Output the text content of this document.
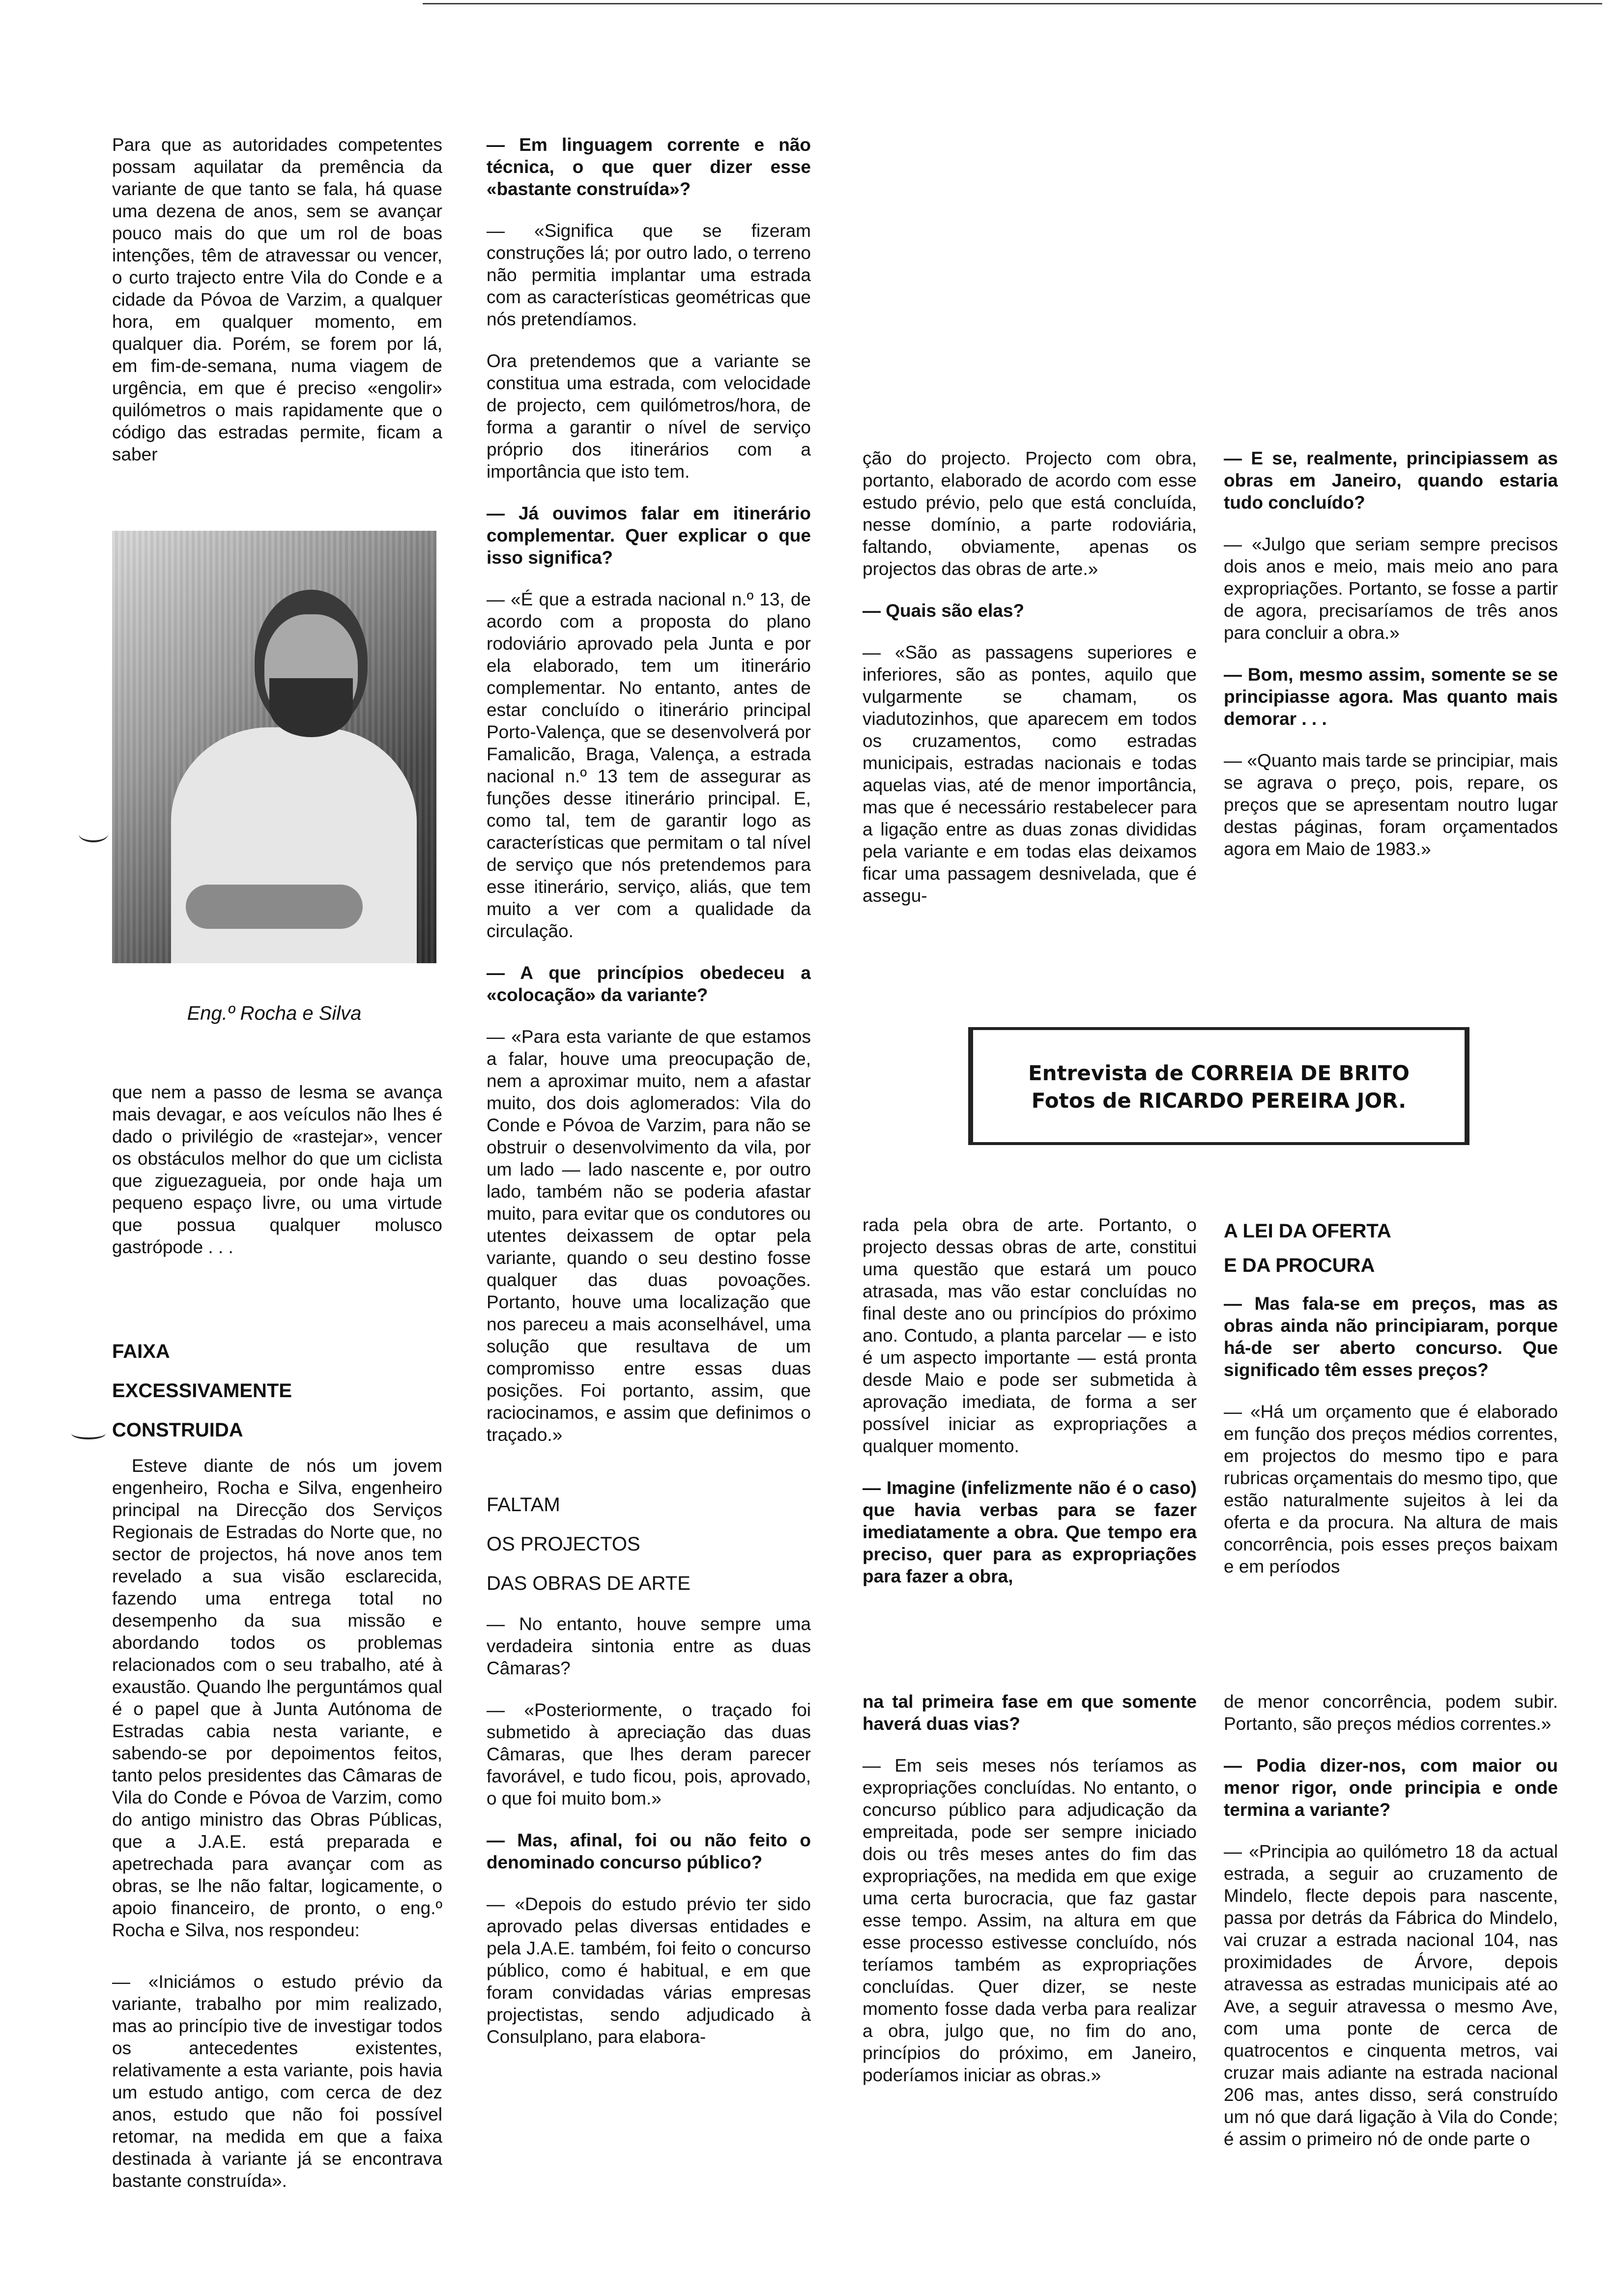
Para que as autoridades competentes possam aquilatar da premência da variante de que tanto se fala, há quase uma dezena de anos, sem se avançar pouco mais do que um rol de boas intenções, têm de atravessar ou vencer, o curto trajecto entre Vila do Conde e a cidade da Póvoa de Varzim, a qualquer hora, em qualquer momento, em qualquer dia. Porém, se forem por lá, em fim-de-semana, numa viagem de urgência, em que é preciso «engolir» quilómetros o mais rapidamente que o código das estradas permite, ficam a saber

Eng.º Rocha e Silva

que nem a passo de lesma se avança mais devagar, e aos veículos não lhes é dado o privilégio de «rastejar», vencer os obstáculos melhor do que um ciclista que ziguezagueia, por onde haja um pequeno espaço livre, ou uma virtude que possua qualquer molusco gastrópode . . .

FAIXA
EXCESSIVAMENTE
CONSTRUIDA

Esteve diante de nós um jovem engenheiro, Rocha e Silva, engenheiro principal na Direcção dos Serviços Regionais de Estradas do Norte que, no sector de projectos, há nove anos tem revelado a sua visão esclarecida, fazendo uma entrega total no desempenho da sua missão e abordando todos os problemas relacionados com o seu trabalho, até à exaustão. Quando lhe perguntámos qual é o papel que à Junta Autónoma de Estradas cabia nesta variante, e sabendo-se por depoimentos feitos, tanto pelos presidentes das Câmaras de Vila do Conde e Póvoa de Varzim, como do antigo ministro das Obras Públicas, que a J.A.E. está preparada e apetrechada para avançar com as obras, se lhe não faltar, logicamente, o apoio financeiro, de pronto, o eng.º Rocha e Silva, nos respondeu:

— «Iniciámos o estudo prévio da variante, trabalho por mim realizado, mas ao princípio tive de investigar todos os antecedentes existentes, relativamente a esta variante, pois havia um estudo antigo, com cerca de dez anos, estudo que não foi possível retomar, na medida em que a faixa destinada à variante já se encontrava bastante construída».

— Em linguagem corrente e não técnica, o que quer dizer esse «bastante construída»?

— «Significa que se fizeram construções lá; por outro lado, o terreno não permitia implantar uma estrada com as características geométricas que nós pretendíamos.

Ora pretendemos que a variante se constitua uma estrada, com velocidade de projecto, cem quilómetros/hora, de forma a garantir o nível de serviço próprio dos itinerários com a importância que isto tem.

— Já ouvimos falar em itinerário complementar. Quer explicar o que isso significa?

— «É que a estrada nacional n.º 13, de acordo com a proposta do plano rodoviário aprovado pela Junta e por ela elaborado, tem um itinerário complementar. No entanto, antes de estar concluído o itinerário principal Porto-Valença, que se desenvolverá por Famalicão, Braga, Valença, a estrada nacional n.º 13 tem de assegurar as funções desse itinerário principal. E, como tal, tem de garantir logo as características que permitam o tal nível de serviço que nós pretendemos para esse itinerário, serviço, aliás, que tem muito a ver com a qualidade da circulação.

— A que princípios obedeceu a «colocação» da variante?

— «Para esta variante de que estamos a falar, houve uma preocupação de, nem a aproximar muito, nem a afastar muito, dos dois aglomerados: Vila do Conde e Póvoa de Varzim, para não se obstruir o desenvolvimento da vila, por um lado — lado nascente e, por outro lado, também não se poderia afastar muito, para evitar que os condutores ou utentes deixassem de optar pela variante, quando o seu destino fosse qualquer das duas povoações. Portanto, houve uma localização que nos pareceu a mais aconselhável, uma solução que resultava de um compromisso entre essas duas posições. Foi portanto, assim, que raciocinamos, e assim que definimos o traçado.»

FALTAM
OS PROJECTOS
DAS OBRAS DE ARTE

— No entanto, houve sempre uma verdadeira sintonia entre as duas Câmaras?

— «Posteriormente, o traçado foi submetido à apreciação das duas Câmaras, que lhes deram parecer favorável, e tudo ficou, pois, aprovado, o que foi muito bom.»

— Mas, afinal, foi ou não feito o denominado concurso público?

— «Depois do estudo prévio ter sido aprovado pelas diversas entidades e pela J.A.E. também, foi feito o concurso público, como é habitual, e em que foram convidadas várias empresas projectistas, sendo adjudicado à Consulplano, para elabora-

ção do projecto. Projecto com obra, portanto, elaborado de acordo com esse estudo prévio, pelo que está concluída, nesse domínio, a parte rodoviária, faltando, obviamente, apenas os projectos das obras de arte.»

— Quais são elas?

— «São as passagens superiores e inferiores, são as pontes, aquilo que vulgarmente se chamam, os viadutozinhos, que aparecem em todos os cruzamentos, como estradas municipais, estradas nacionais e todas aquelas vias, até de menor importância, mas que é necessário restabelecer para a ligação entre as duas zonas divididas pela variante e em todas elas deixamos ficar uma passagem desnivelada, que é assegu-

— E se, realmente, principiassem as obras em Janeiro, quando estaria tudo concluído?

— «Julgo que seriam sempre precisos dois anos e meio, mais meio ano para expropriações. Portanto, se fosse a partir de agora, precisaríamos de três anos para concluir a obra.»

— Bom, mesmo assim, somente se se principiasse agora. Mas quanto mais demorar . . .

— «Quanto mais tarde se principiar, mais se agrava o preço, pois, repare, os preços que se apresentam noutro lugar destas páginas, foram orçamentados agora em Maio de 1983.»

Entrevista de CORREIA DE BRITO
Fotos de RICARDO PEREIRA JOR.

rada pela obra de arte. Portanto, o projecto dessas obras de arte, constitui uma questão que estará um pouco atrasada, mas vão estar concluídas no final deste ano ou princípios do próximo ano. Contudo, a planta parcelar — e isto é um aspecto importante — está pronta desde Maio e pode ser submetida à aprovação imediata, de forma a ser possível iniciar as expropriações a qualquer momento.

— Imagine (infelizmente não é o caso) que havia verbas para se fazer imediatamente a obra. Que tempo era preciso, quer para as expropriações para fazer a obra,

A LEI DA OFERTA
E DA PROCURA

— Mas fala-se em preços, mas as obras ainda não principiaram, porque há-de ser aberto concurso. Que significado têm esses preços?

— «Há um orçamento que é elaborado em função dos preços médios correntes, em projectos do mesmo tipo e para rubricas orçamentais do mesmo tipo, que estão naturalmente sujeitos à lei da oferta e da procura. Na altura de mais concorrência, pois esses preços baixam e em períodos

na tal primeira fase em que somente haverá duas vias?

— Em seis meses nós teríamos as expropriações concluídas. No entanto, o concurso público para adjudicação da empreitada, pode ser sempre iniciado dois ou três meses antes do fim das expropriações, na medida em que exige uma certa burocracia, que faz gastar esse tempo. Assim, na altura em que esse processo estivesse concluído, nós teríamos também as expropriações concluídas. Quer dizer, se neste momento fosse dada verba para realizar a obra, julgo que, no fim do ano, princípios do próximo, em Janeiro, poderíamos iniciar as obras.»

de menor concorrência, podem subir. Portanto, são preços médios correntes.»

— Podia dizer-nos, com maior ou menor rigor, onde principia e onde termina a variante?

— «Principia ao quilómetro 18 da actual estrada, a seguir ao cruzamento de Mindelo, flecte depois para nascente, passa por detrás da Fábrica do Mindelo, vai cruzar a estrada nacional 104, nas proximidades de Árvore, depois atravessa as estradas municipais até ao Ave, a seguir atravessa o mesmo Ave, com uma ponte de cerca de quatrocentos e cinquenta metros, vai cruzar mais adiante na estrada nacional 206 mas, antes disso, será construído um nó que dará ligação à Vila do Conde; é assim o primeiro nó de onde parte o
